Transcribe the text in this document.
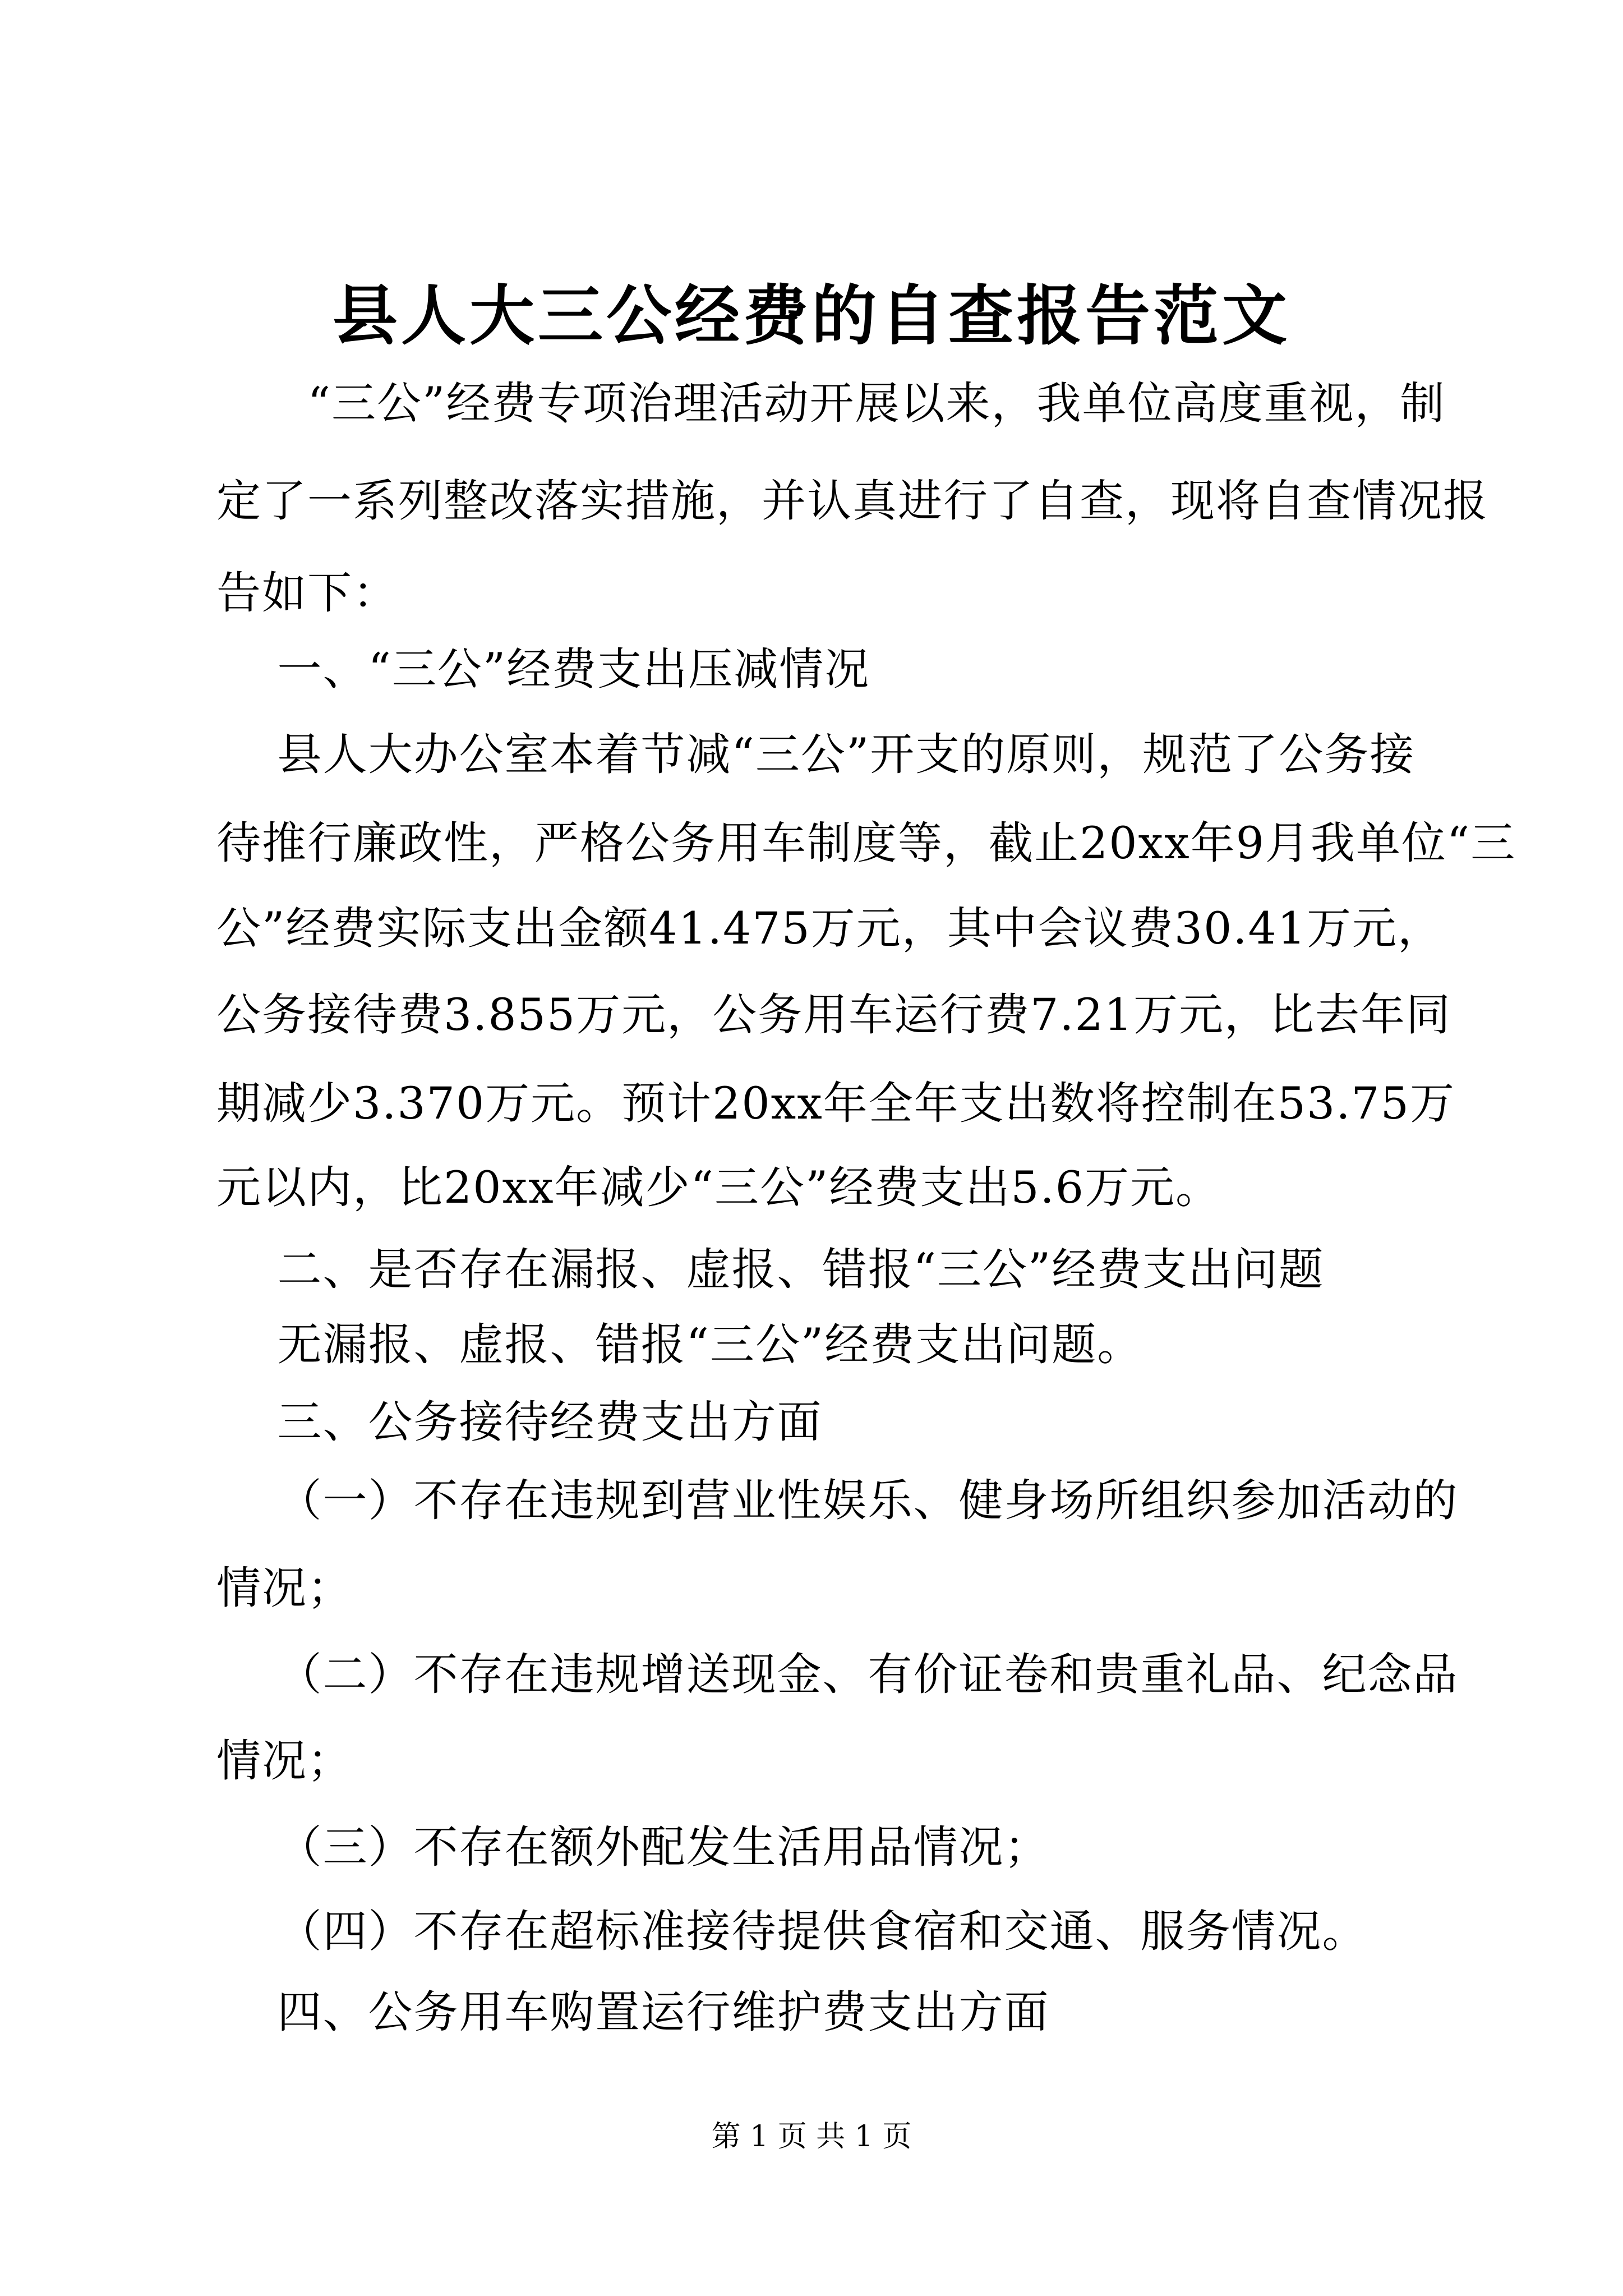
县人大三公经费的自查报告范文
“三公”经费专项治理活动开展以来，我单位高度重视，制
定了一系列整改落实措施，并认真进行了自查，现将自查情况报
告如下：
一、“三公”经费支出压减情况
县人大办公室本着节减“三公”开支的原则，规范了公务接
待推行廉政性，严格公务用车制度等，截止20xx年9月我单位“三
公”经费实际支出金额41.475万元，其中会议费30.41万元，
公务接待费3.855万元，公务用车运行费7.21万元，比去年同
期减少3.370万元。预计20xx年全年支出数将控制在53.75万
元以内，比20xx年减少“三公”经费支出5.6万元。
二、是否存在漏报、虚报、错报“三公”经费支出问题
无漏报、虚报、错报“三公”经费支出问题。
三、公务接待经费支出方面
（一）不存在违规到营业性娱乐、健身场所组织参加活动的
情况；
（二）不存在违规增送现金、有价证卷和贵重礼品、纪念品
情况；
（三）不存在额外配发生活用品情况；
（四）不存在超标准接待提供食宿和交通、服务情况。
四、公务用车购置运行维护费支出方面
第 1 页 共 1 页
